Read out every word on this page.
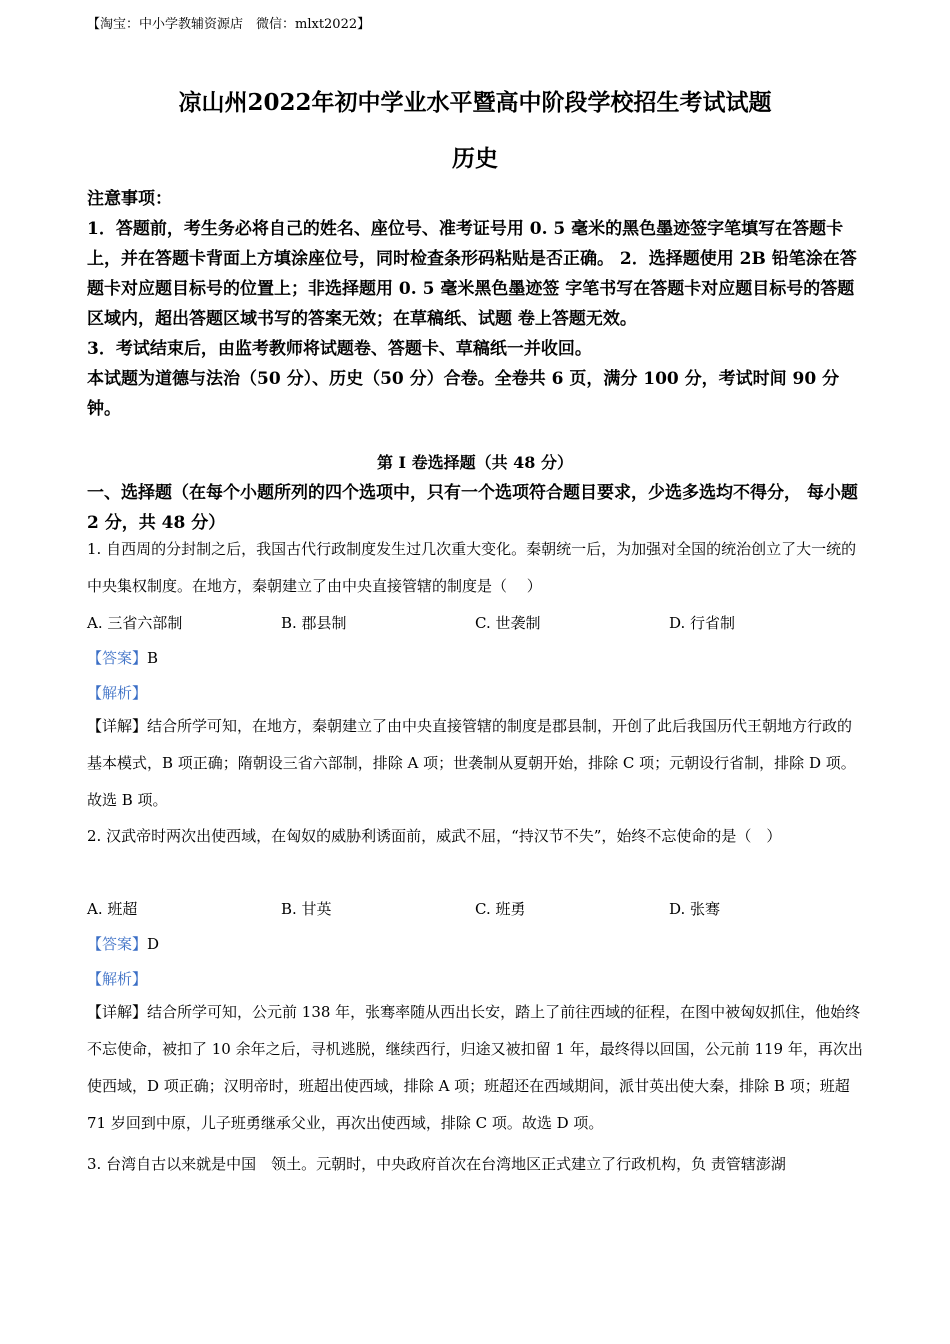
【淘宝：中小学教辅资源店　微信：mlxt2022】
凉山州2022年初中学业水平暨高中阶段学校招生考试试题
历史
注意事项：
1．答题前，考生务必将自己的姓名、座位号、准考证号用 0. 5 毫米的黑色墨迹签字笔填写在答题卡上，并在答题卡背面上方填涂座位号，同时检查条形码粘贴是否正确。 2．选择题使用 2B 铅笔涂在答题卡对应题目标号的位置上；非选择题用 0. 5 毫米黑色墨迹签 字笔书写在答题卡对应题目标号的答题区域内，超出答题区域书写的答案无效；在草稿纸、试题 卷上答题无效。
3．考试结束后，由监考教师将试题卷、答题卡、草稿纸一并收回。
本试题为道德与法治（50 分）、历史（50 分）合卷。全卷共 6 页，满分 100 分，考试时间 90 分钟。
第 I 卷选择题（共 48 分）
一、选择题（在每个小题所列的四个选项中，只有一个选项符合题目要求，少选多选均不得分， 每小题 2 分，共 48 分）
1. 自西周的分封制之后，我国古代行政制度发生过几次重大变化。秦朝统一后，为加强对全国的统治创立了大一统的中央集权制度。在地方，秦朝建立了由中央直接管辖的制度是（　 ）
A. 三省六部制	B. 郡县制	C. 世袭制	D. 行省制
【答案】B
【解析】
【详解】结合所学可知，在地方，秦朝建立了由中央直接管辖的制度是郡县制，开创了此后我国历代王朝地方行政的基本模式，B 项正确；隋朝设三省六部制，排除 A 项；世袭制从夏朝开始，排除 C 项；元朝设行省制，排除 D 项。故选 B 项。
2. 汉武帝时两次出使西域，在匈奴的威胁利诱面前，威武不屈，“持汉节不失”，始终不忘使命的是（　）
A. 班超	B. 甘英	C. 班勇	D. 张骞
【答案】D
【解析】
【详解】结合所学可知，公元前 138 年，张骞率随从西出长安，踏上了前往西域的征程，在图中被匈奴抓住，他始终不忘使命，被扣了 10 余年之后，寻机逃脱，继续西行，归途又被扣留 1 年，最终得以回国，公元前 119 年，再次出使西域，D 项正确；汉明帝时，班超出使西域，排除 A 项；班超还在西域期间，派甘英出使大秦，排除 B 项；班超 71 岁回到中原，儿子班勇继承父业，再次出使西域，排除 C 项。故选 D 项。
3. 台湾自古以来就是中国　领土。元朝时，中央政府首次在台湾地区正式建立了行政机构，负 责管辖澎湖
